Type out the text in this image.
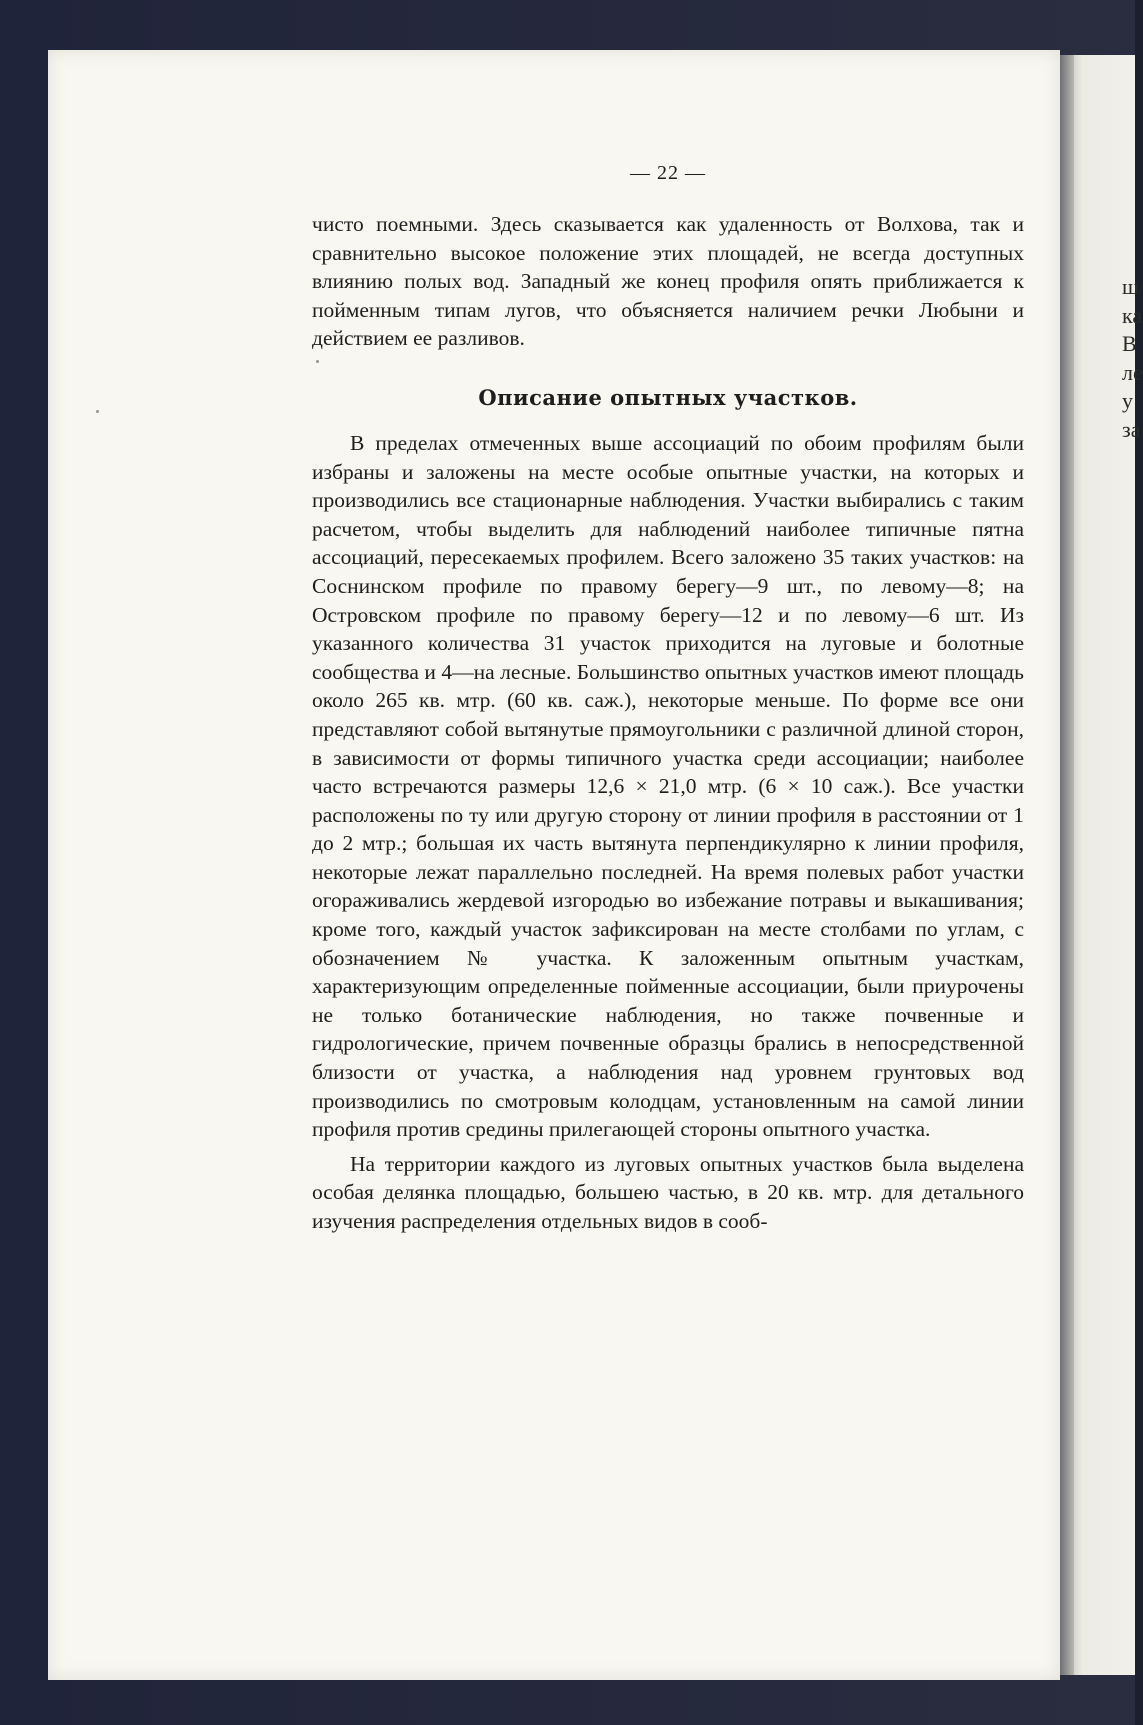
ш
ка
В
ле
у
за
— 22 —

чисто поемными. Здесь сказывается как удаленность от Волхова, так и сравнительно высокое положение этих площадей, не всегда доступных влиянию полых вод. Западный же конец профиля опять приближается к пойменным типам лугов, что объясняется наличием речки Любыни и действием ее разливов.

Описание опытных участков.

В пределах отмеченных выше ассоциаций по обоим профилям были избраны и заложены на месте особые опытные участки, на которых и производились все стационарные наблюдения. Участки выбирались с таким расчетом, чтобы выделить для наблюдений наиболее типичные пятна ассоциаций, пересекаемых профилем. Всего заложено 35 таких участков: на Соснинском профиле по правому берегу—9 шт., по левому—8; на Островском профиле по правому берегу—12 и по левому—6 шт. Из указанного количества 31 участок приходится на луговые и болотные сообщества и 4—на лесные. Большинство опытных участков имеют площадь около 265 кв. мтр. (60 кв. саж.), некоторые меньше. По форме все они представляют собой вытянутые прямоугольники с различной длиной сторон, в зависимости от формы типичного участка среди ассоциации; наиболее часто встречаются размеры 12,6 × 21,0 мтр. (6 × 10 саж.). Все участки расположены по ту или другую сторону от линии профиля в расстоянии от 1 до 2 мтр.; большая их часть вытянута перпендикулярно к линии профиля, некоторые лежат параллельно последней. На время полевых работ участки огораживались жердевой изгородью во избежание потравы и выкашивания; кроме того, каждый участок зафиксирован на месте столбами по углам, с обозначением № участка. К заложенным опытным участкам, характеризующим определенные пойменные ассоциации, были приурочены не только ботанические наблюдения, но также почвенные и гидрологические, причем почвенные образцы брались в непосредственной близости от участка, а наблюдения над уровнем грунтовых вод производились по смотровым колодцам, установленным на самой линии профиля против средины прилегающей стороны опытного участка.

На территории каждого из луговых опытных участков была выделена особая делянка площадью, большею частью, в 20 кв. мтр. для детального изучения распределения отдельных видов в сооб-
